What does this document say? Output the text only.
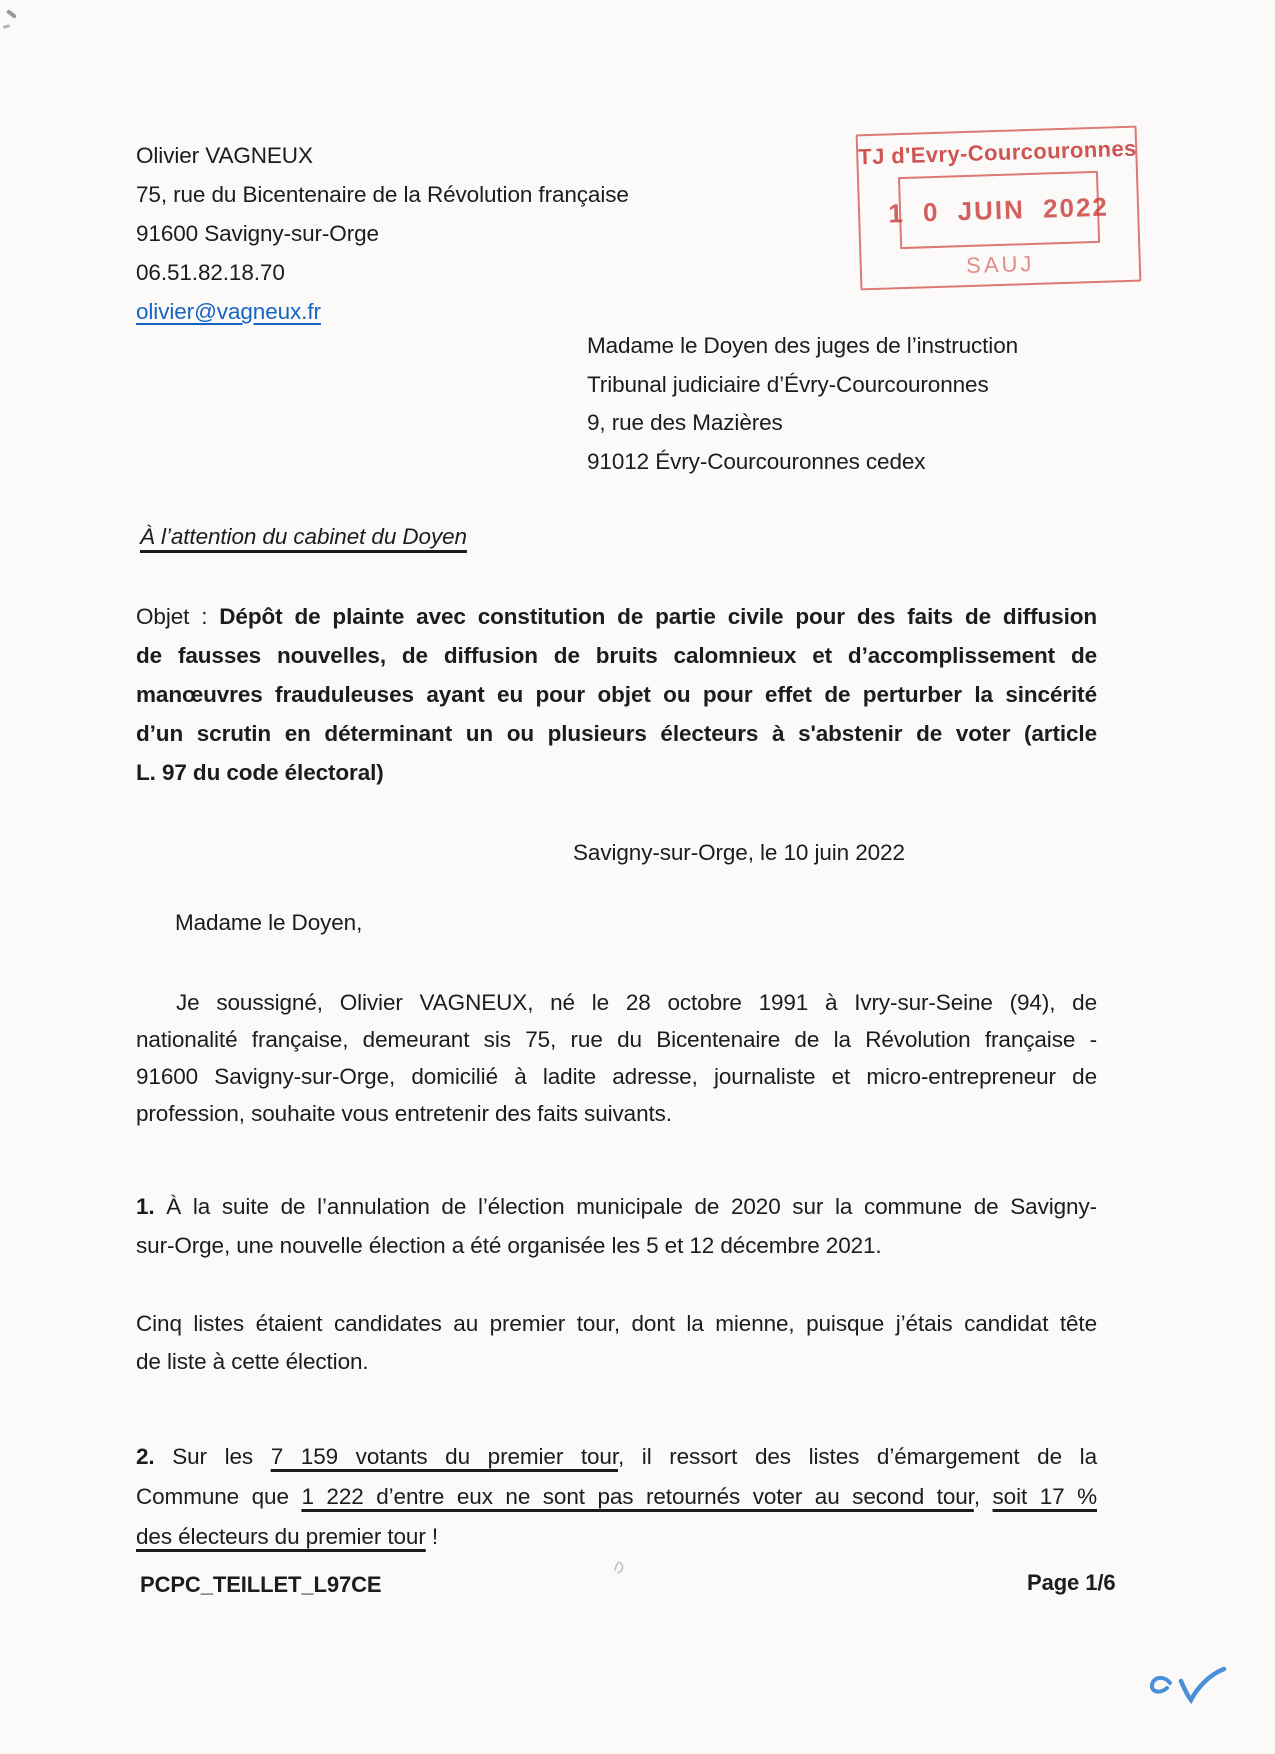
Olivier VAGNEUX
75, rue du Bicentenaire de la Révolution française
91600 Savigny-sur-Orge
06.51.82.18.70
olivier@vagneux.fr
TJ d'Evry-Courcouronnes
1 0 JUIN 2022
SAUJ
Madame le Doyen des juges de l’instruction
Tribunal judiciaire d’Évry-Courcouronnes
9, rue des Mazières
91012 Évry-Courcouronnes cedex
À l’attention du cabinet du Doyen
Objet : Dépôt de plainte avec constitution de partie civile pour des faits de diffusion
de fausses nouvelles, de diffusion de bruits calomnieux et d’accomplissement de
manœuvres frauduleuses ayant eu pour objet ou pour effet de perturber la sincérité
d’un scrutin en déterminant un ou plusieurs électeurs à s'abstenir de voter (article
L. 97 du code électoral)
Savigny-sur-Orge, le 10 juin 2022
Madame le Doyen,
Je soussigné, Olivier VAGNEUX, né le 28 octobre 1991 à Ivry-sur-Seine (94), de
nationalité française, demeurant sis 75, rue du Bicentenaire de la Révolution française -
91600 Savigny-sur-Orge, domicilié à ladite adresse, journaliste et micro-entrepreneur de
profession, souhaite vous entretenir des faits suivants.
1. À la suite de l’annulation de l’élection municipale de 2020 sur la commune de Savigny-
sur-Orge, une nouvelle élection a été organisée les 5 et 12 décembre 2021.
Cinq listes étaient candidates au premier tour, dont la mienne, puisque j’étais candidat tête
de liste à cette élection.
2. Sur les 7 159 votants du premier tour, il ressort des listes d’émargement de la
Commune que 1 222 d’entre eux ne sont pas retournés voter au second tour, soit 17 %
des électeurs du premier tour !
PCPC_TEILLET_L97CE	Page 1/6
